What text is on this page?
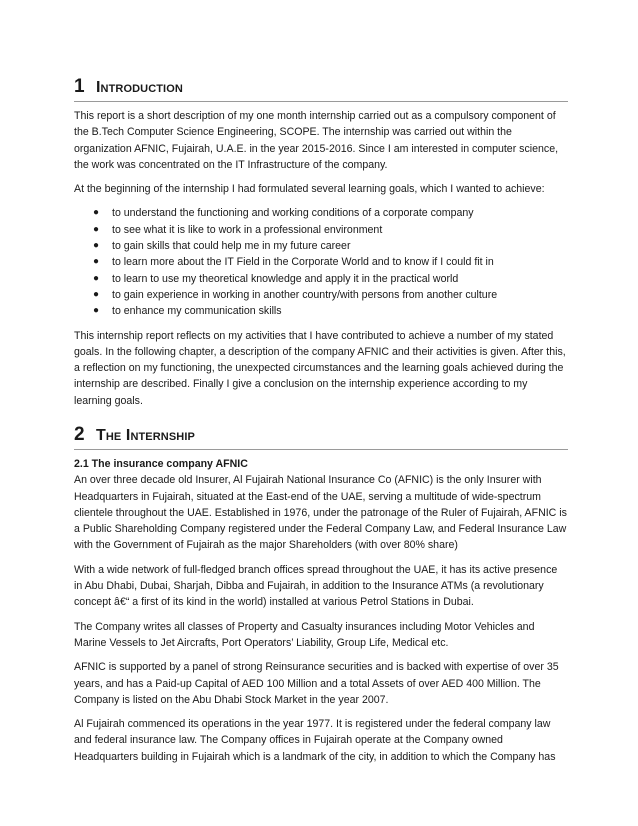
1 Introduction

This report is a short description of my one month internship carried out as a compulsory component of the B.Tech Computer Science Engineering, SCOPE. The internship was carried out within the organization AFNIC, Fujairah, U.A.E. in the year 2015-2016. Since I am interested in computer science, the work was concentrated on the IT Infrastructure of the company.

At the beginning of the internship I had formulated several learning goals, which I wanted to achieve:

● to understand the functioning and working conditions of a corporate company
● to see what it is like to work in a professional environment
● to gain skills that could help me in my future career
● to learn more about the IT Field in the Corporate World and to know if I could fit in
● to learn to use my theoretical knowledge and apply it in the practical world
● to gain experience in working in another country/with persons from another culture
● to enhance my communication skills

This internship report reflects on my activities that I have contributed to achieve a number of my stated goals. In the following chapter, a description of the company AFNIC and their activities is given. After this, a reflection on my functioning, the unexpected circumstances and the learning goals achieved during the internship are described. Finally I give a conclusion on the internship experience according to my learning goals.

2 The Internship

2.1 The insurance company AFNIC

An over three decade old Insurer, Al Fujairah National Insurance Co (AFNIC) is the only Insurer with Headquarters in Fujairah, situated at the East-end of the UAE, serving a multitude of wide-spectrum clientele throughout the UAE. Established in 1976, under the patronage of the Ruler of Fujairah, AFNIC is a Public Shareholding Company registered under the Federal Company Law, and Federal Insurance Law with the Government of Fujairah as the major Shareholders (with over 80% share)

With a wide network of full-fledged branch offices spread throughout the UAE, it has its active presence in Abu Dhabi, Dubai, Sharjah, Dibba and Fujairah, in addition to the Insurance ATMs (a revolutionary concept â€“ a first of its kind in the world) installed at various Petrol Stations in Dubai.

The Company writes all classes of Property and Casualty insurances including Motor Vehicles and Marine Vessels to Jet Aircrafts, Port Operators’ Liability, Group Life, Medical etc.

AFNIC is supported by a panel of strong Reinsurance securities and is backed with expertise of over 35 years, and has a Paid-up Capital of AED 100 Million and a total Assets of over AED 400 Million. The Company is listed on the Abu Dhabi Stock Market in the year 2007.

Al Fujairah commenced its operations in the year 1977. It is registered under the federal company law and federal insurance law. The Company offices in Fujairah operate at the Company owned Headquarters building in Fujairah which is a landmark of the city, in addition to which the Company has
